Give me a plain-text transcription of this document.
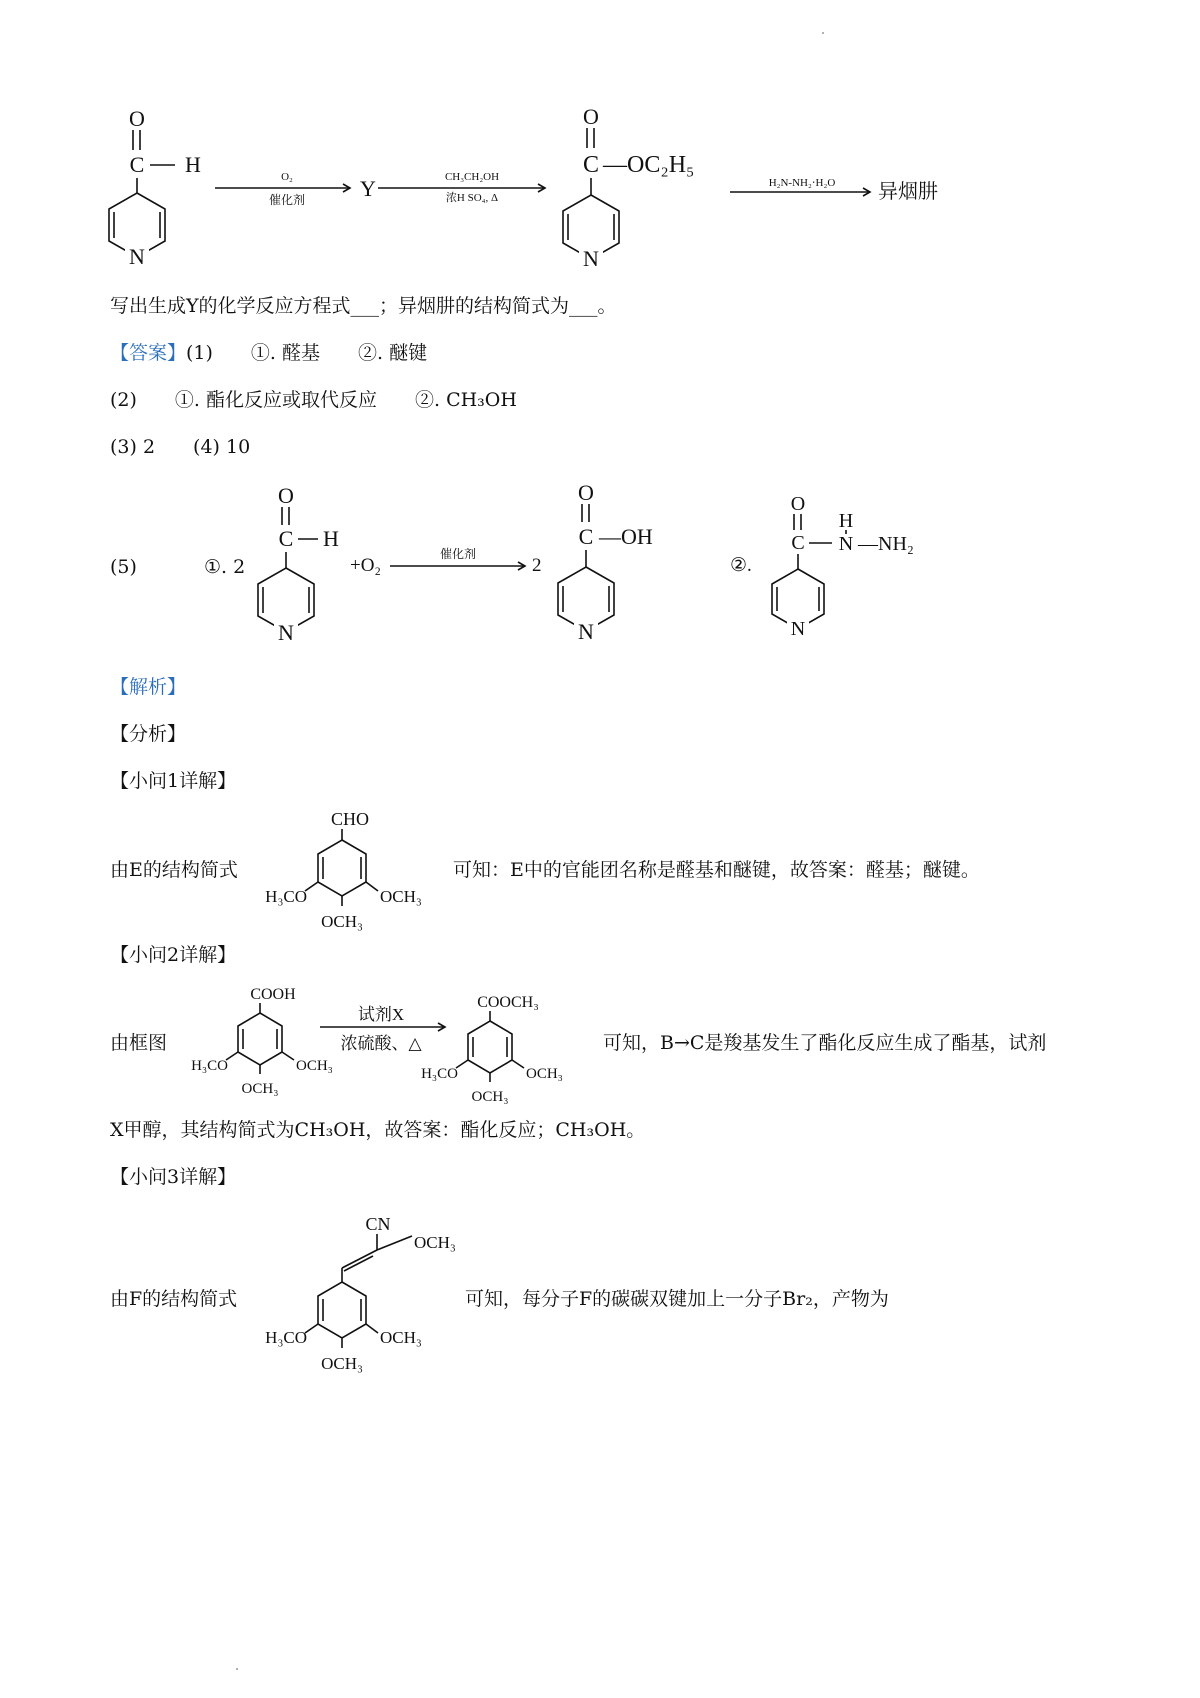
O
C H
N
O₂
催化剂 Y	CH₃CH₂OH
浓H SO₄, Δ
O
C —OC₂H₅
N
H₂N-NH₂⋅H₂O 异烟肼
写出生成Y的化学反应方程式___；异烟肼的结构简式为___。
【答案】(1)　　①. 醛基　　②. 醚键
(2)　　①. 酯化反应或取代反应　　②. CH₃OH
(3) 2　　(4) 10
(5)	①. 2
O
C H
N
+O₂
催化剂
2
O
C —OH
N
②.
O
C
H
N —NH₂
N
【解析】
【分析】
【小问1详解】
由E的结构简式
CHO
H₃CO	OCH₃
OCH₃
可知：E中的官能团名称是醛基和醚键，故答案：醛基；醚键。
【小问2详解】
由框图
COOH
H₃CO	OCH₃
OCH₃
试剂X
浓硫酸、△
COOCH₃
H₃CO	OCH₃
OCH₃
可知，B→C是羧基发生了酯化反应生成了酯基，试剂
X甲醇，其结构简式为CH₃OH，故答案：酯化反应；CH₃OH。
【小问3详解】
由F的结构简式
CN
OCH₃
H₃CO	OCH₃
OCH₃
可知，每分子F的碳碳双键加上一分子Br₂，产物为
